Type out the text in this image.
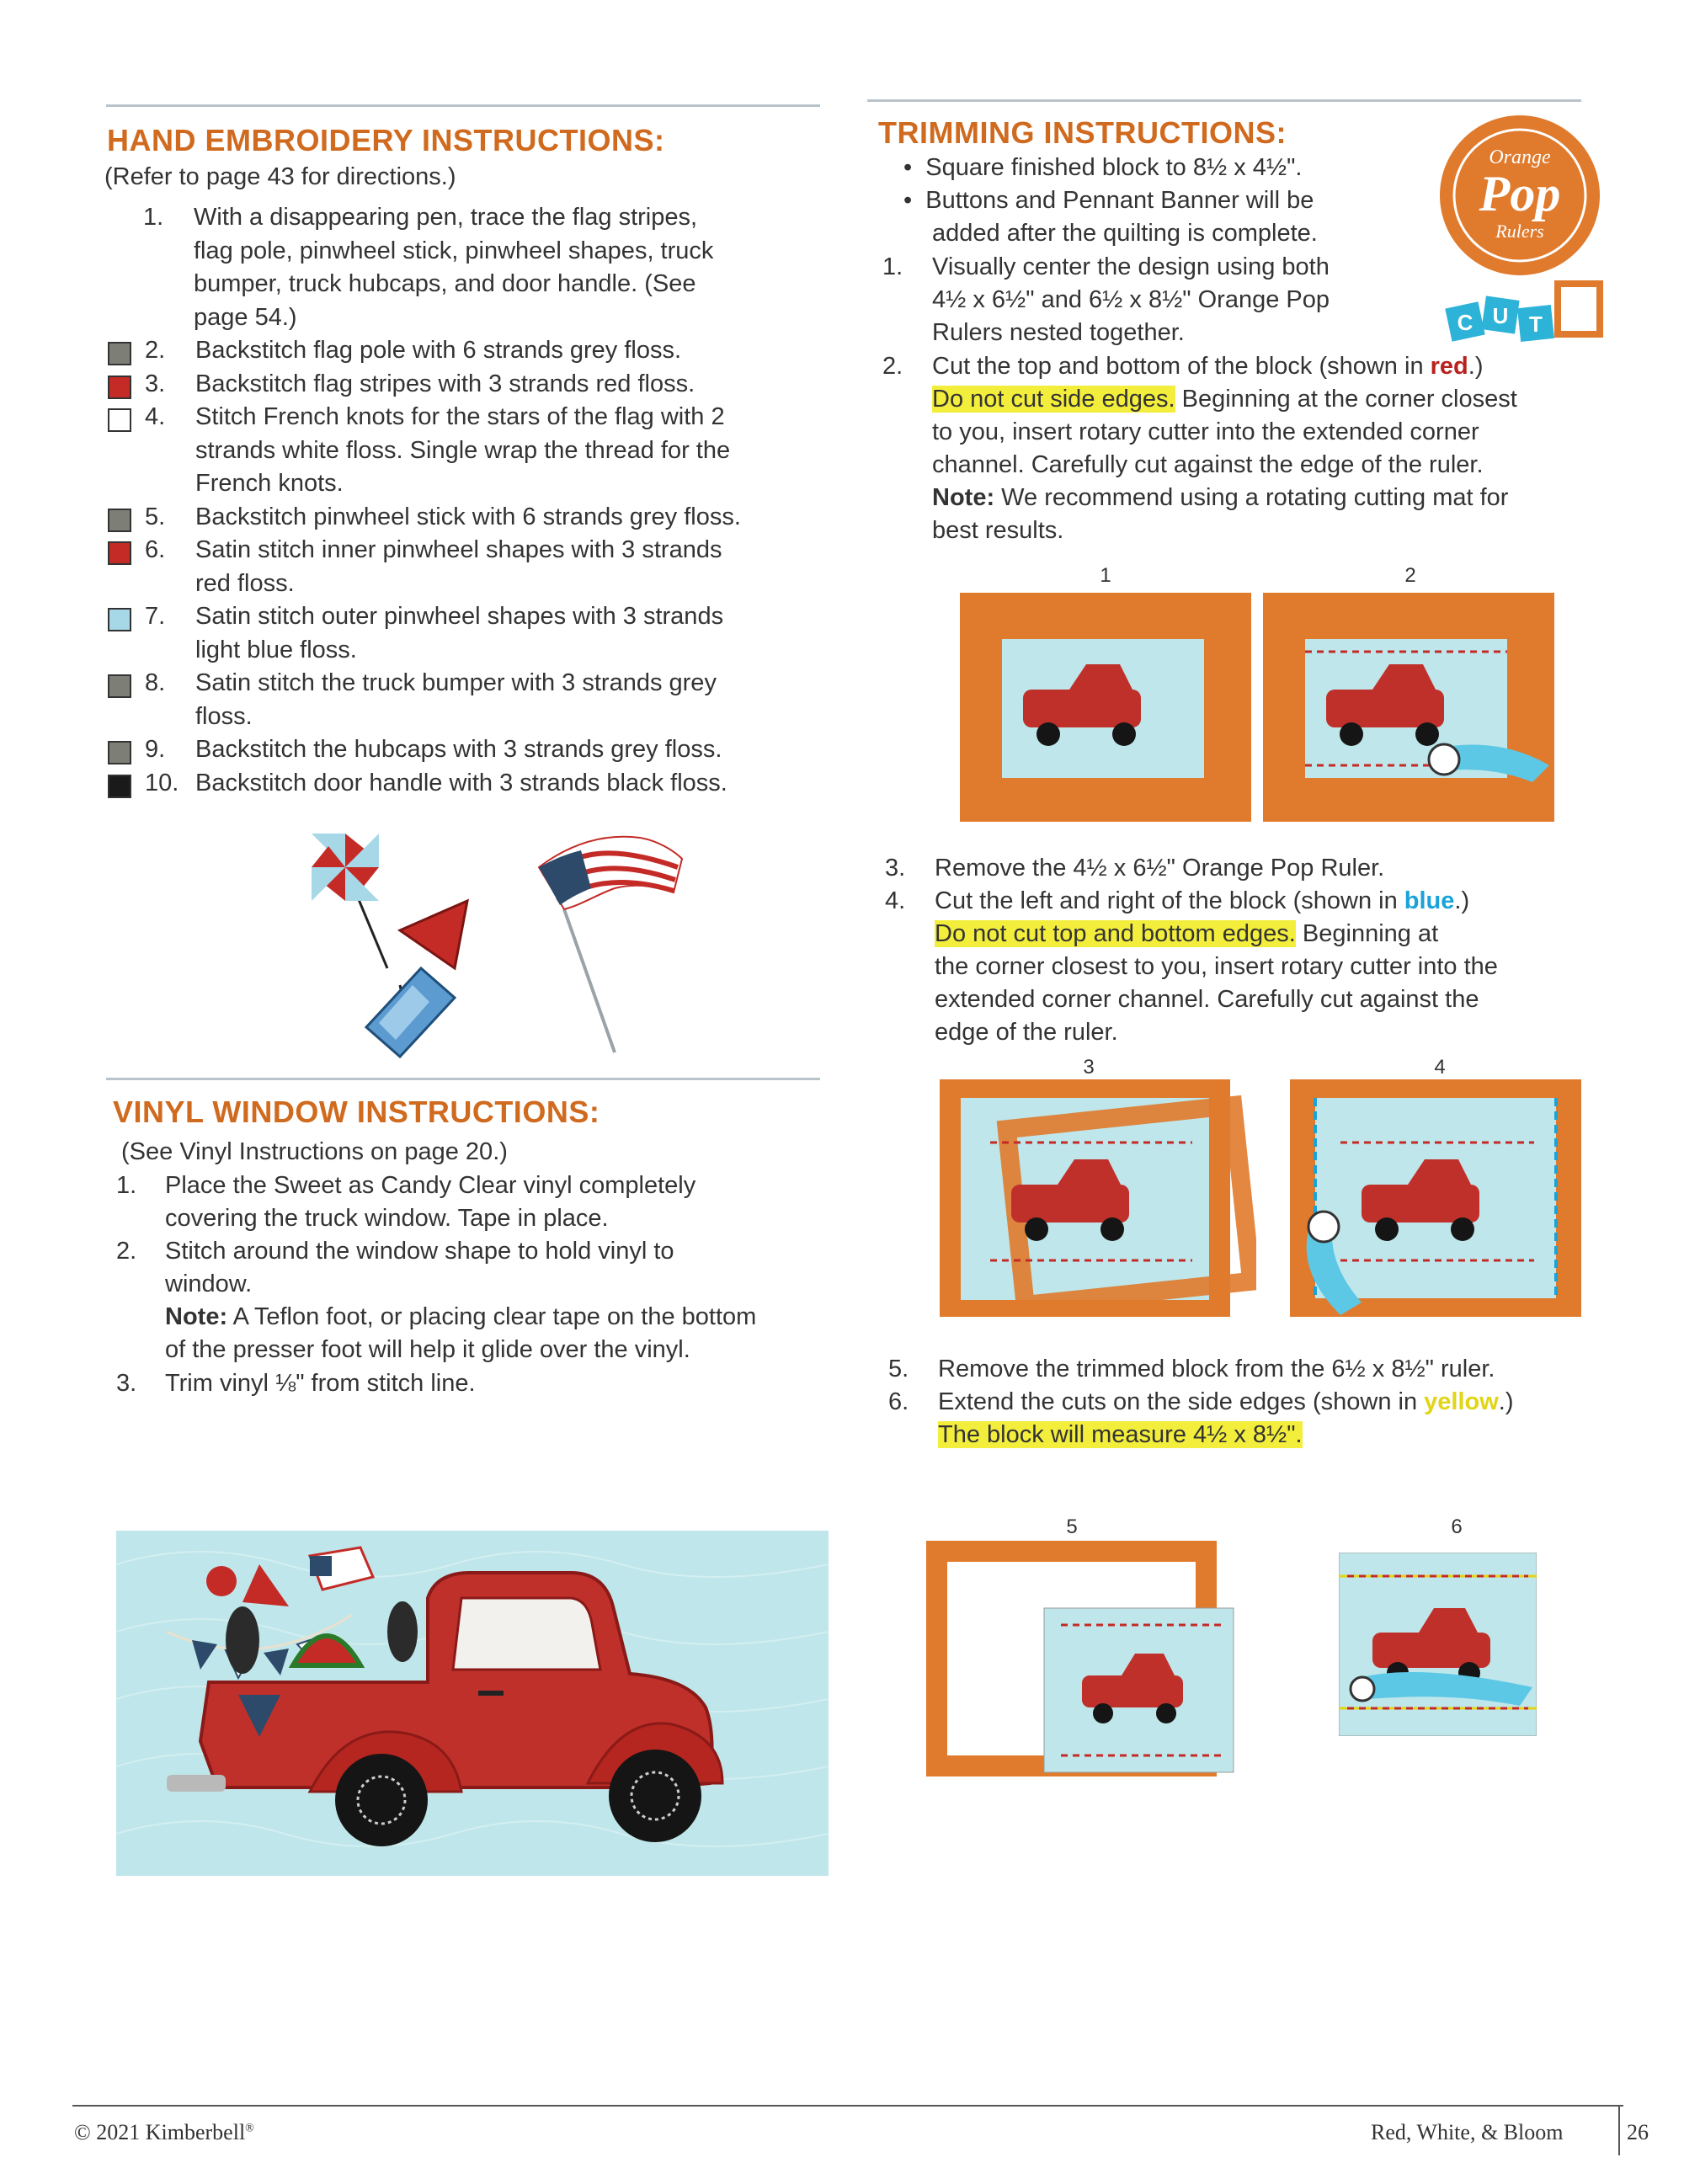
HAND EMBROIDERY INSTRUCTIONS:
(Refer to page 43 for directions.)
1. With a disappearing pen, trace the flag stripes,
flag pole, pinwheel stick, pinwheel shapes, truck
bumper, truck hubcaps, and door handle. (See
page 54.)
2. Backstitch flag pole with 6 strands grey floss.
3. Backstitch flag stripes with 3 strands red floss.
4. Stitch French knots for the stars of the flag with 2
strands white floss. Single wrap the thread for the
French knots.
5. Backstitch pinwheel stick with 6 strands grey floss.
6. Satin stitch inner pinwheel shapes with 3 strands
red floss.
7. Satin stitch outer pinwheel shapes with 3 strands
light blue floss.
8. Satin stitch the truck bumper with 3 strands grey
floss.
9. Backstitch the hubcaps with 3 strands grey floss.
10. Backstitch door handle with 3 strands black floss.
VINYL WINDOW INSTRUCTIONS:
(See Vinyl Instructions on page 20.)
1. Place the Sweet as Candy Clear vinyl completely
covering the truck window. Tape in place.
2. Stitch around the window shape to hold vinyl to
window.
Note: A Teflon foot, or placing clear tape on the bottom
of the presser foot will help it glide over the vinyl.
3. Trim vinyl ⅛" from stitch line.
TRIMMING INSTRUCTIONS:
•  Square finished block to 8½ x 4½".
•  Buttons and Pennant Banner will be
added after the quilting is complete.
1. Visually center the design using both
4½ x 6½" and 6½ x 8½" Orange Pop
Rulers nested together.
2. Cut the top and bottom of the block (shown in red.)
Do not cut side edges. Beginning at the corner closest
to you, insert rotary cutter into the extended corner
channel. Carefully cut against the edge of the ruler.
Note: We recommend using a rotating cutting mat for
best results.
Orange
Pop
Rulers
C U T
1	2
3. Remove the 4½ x 6½" Orange Pop Ruler.
4. Cut the left and right of the block (shown in blue.)
Do not cut top and bottom edges. Beginning at
the corner closest to you, insert rotary cutter into the
extended corner channel. Carefully cut against the
edge of the ruler.
3	4
5. Remove the trimmed block from the 6½ x 8½" ruler.
6. Extend the cuts on the side edges (shown in yellow.)
The block will measure 4½ x 8½".
5	6
© 2021 Kimberbell®	Red, White, & Bloom	26
